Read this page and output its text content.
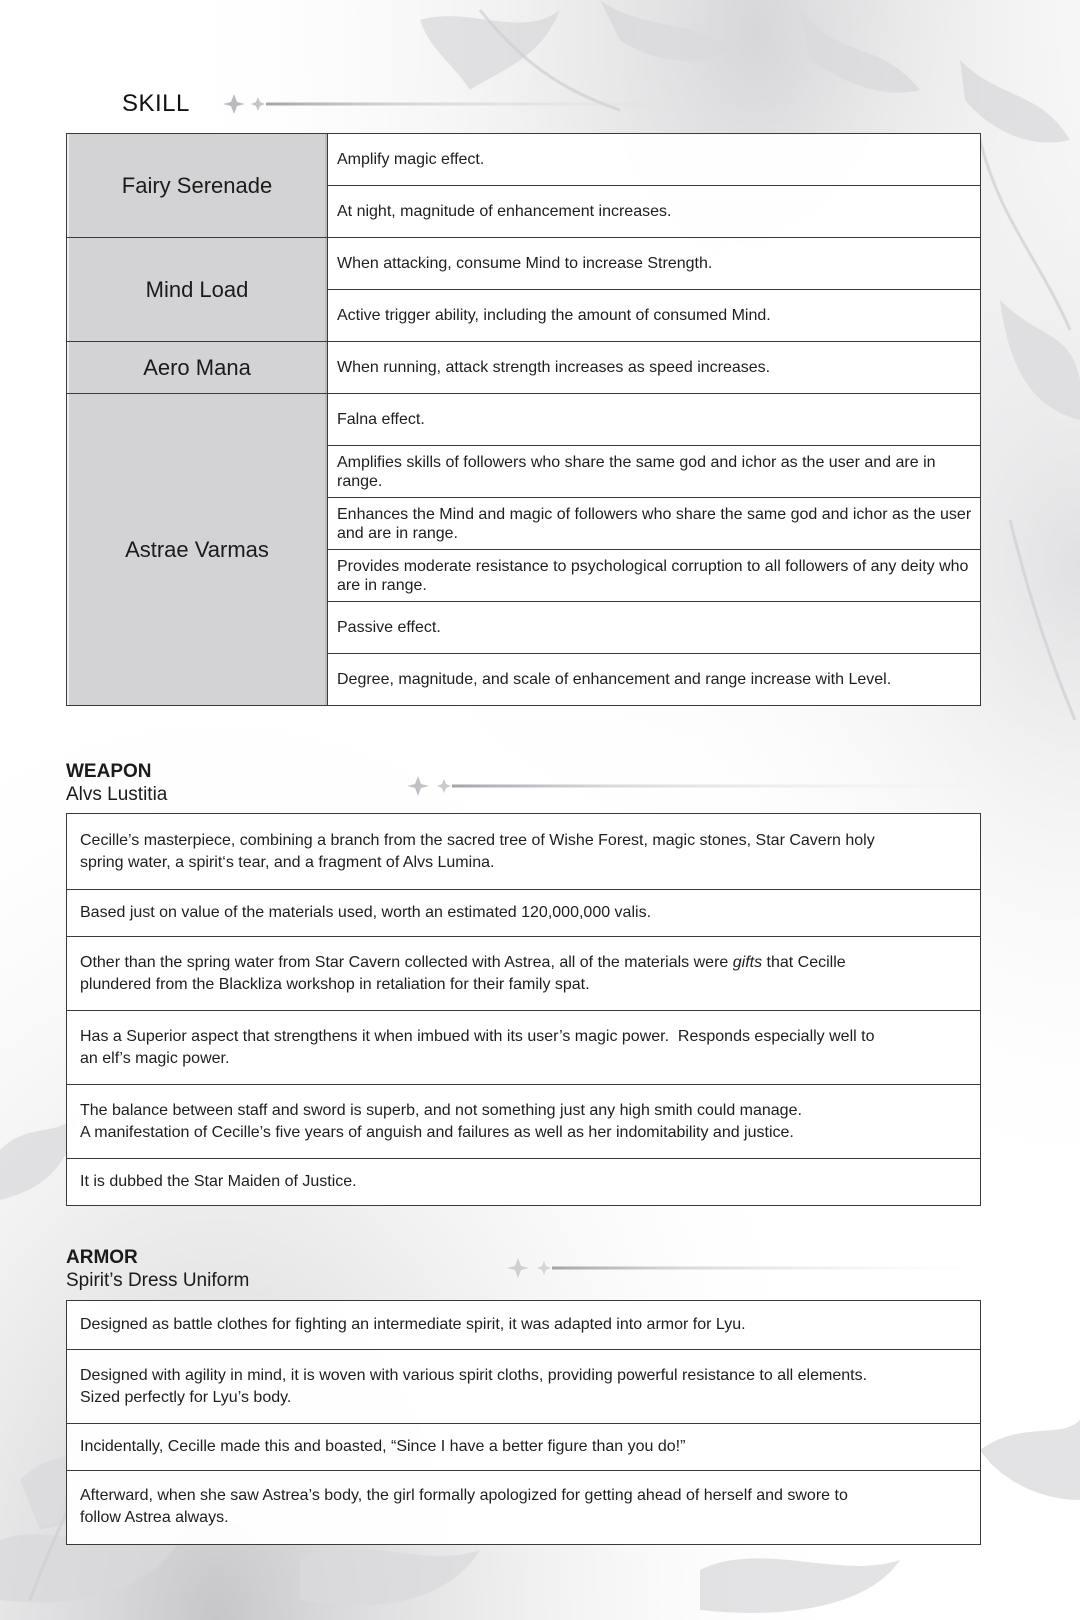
SKILL
Fairy Serenade	Amplify magic effect.
	At night, magnitude of enhancement increases.
Mind Load	When attacking, consume Mind to increase Strength.
	Active trigger ability, including the amount of consumed Mind.
Aero Mana	When running, attack strength increases as speed increases.
Astrae Varmas	Falna effect.
	Amplifies skills of followers who share the same god and ichor as the user and are in range.
	Enhances the Mind and magic of followers who share the same god and ichor as the user and are in range.
	Provides moderate resistance to psychological corruption to all followers of any deity who are in range.
	Passive effect.
	Degree, magnitude, and scale of enhancement and range increase with Level.
WEAPON
Alvs Lustitia
Cecille’s masterpiece, combining a branch from the sacred tree of Wishe Forest, magic stones, Star Cavern holy
spring water, a spirit‘s tear, and a fragment of Alvs Lumina.
Based just on value of the materials used, worth an estimated 120,000,000 valis.
Other than the spring water from Star Cavern collected with Astrea, all of the materials were gifts that Cecille
plundered from the Blackliza workshop in retaliation for their family spat.
Has a Superior aspect that strengthens it when imbued with its user’s magic power.  Responds especially well to
an elf’s magic power.
The balance between staff and sword is superb, and not something just any high smith could manage.
A manifestation of Cecille’s five years of anguish and failures as well as her indomitability and justice.
It is dubbed the Star Maiden of Justice.
ARMOR
Spirit’s Dress Uniform
Designed as battle clothes for fighting an intermediate spirit, it was adapted into armor for Lyu.
Designed with agility in mind, it is woven with various spirit cloths, providing powerful resistance to all elements.
Sized perfectly for Lyu’s body.
Incidentally, Cecille made this and boasted, “Since I have a better figure than you do!”
Afterward, when she saw Astrea’s body, the girl formally apologized for getting ahead of herself and swore to
follow Astrea always.
